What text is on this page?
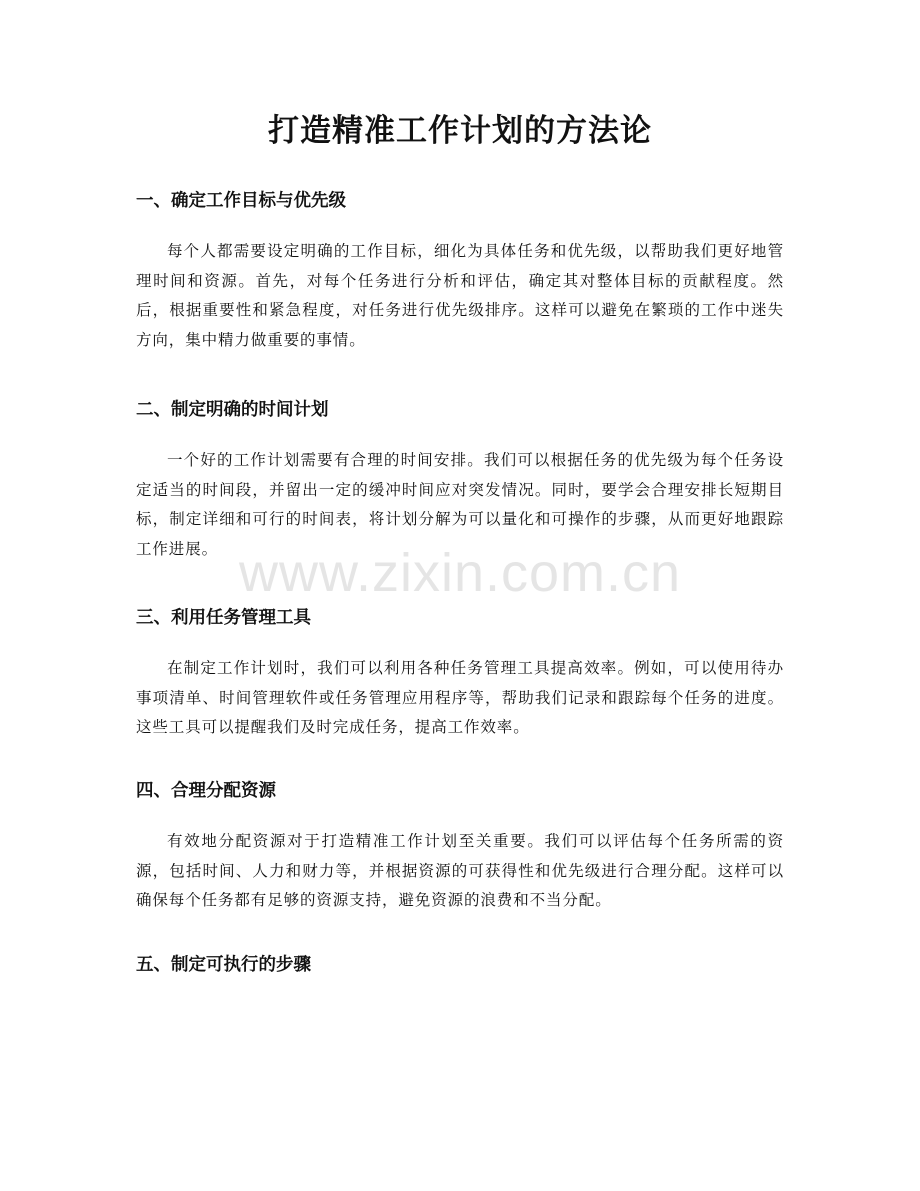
打造精准工作计划的方法论
一、确定工作目标与优先级

每个人都需要设定明确的工作目标，细化为具体任务和优先级，以帮助我们更好地管理时间和资源。首先，对每个任务进行分析和评估，确定其对整体目标的贡献程度。然后，根据重要性和紧急程度，对任务进行优先级排序。这样可以避免在繁琐的工作中迷失方向，集中精力做重要的事情。

二、制定明确的时间计划

一个好的工作计划需要有合理的时间安排。我们可以根据任务的优先级为每个任务设定适当的时间段，并留出一定的缓冲时间应对突发情况。同时，要学会合理安排长短期目标，制定详细和可行的时间表，将计划分解为可以量化和可操作的步骤，从而更好地跟踪工作进展。

三、利用任务管理工具

在制定工作计划时，我们可以利用各种任务管理工具提高效率。例如，可以使用待办事项清单、时间管理软件或任务管理应用程序等，帮助我们记录和跟踪每个任务的进度。这些工具可以提醒我们及时完成任务，提高工作效率。

四、合理分配资源

有效地分配资源对于打造精准工作计划至关重要。我们可以评估每个任务所需的资源，包括时间、人力和财力等，并根据资源的可获得性和优先级进行合理分配。这样可以确保每个任务都有足够的资源支持，避免资源的浪费和不当分配。

五、制定可执行的步骤
www.zixin.com.cn
